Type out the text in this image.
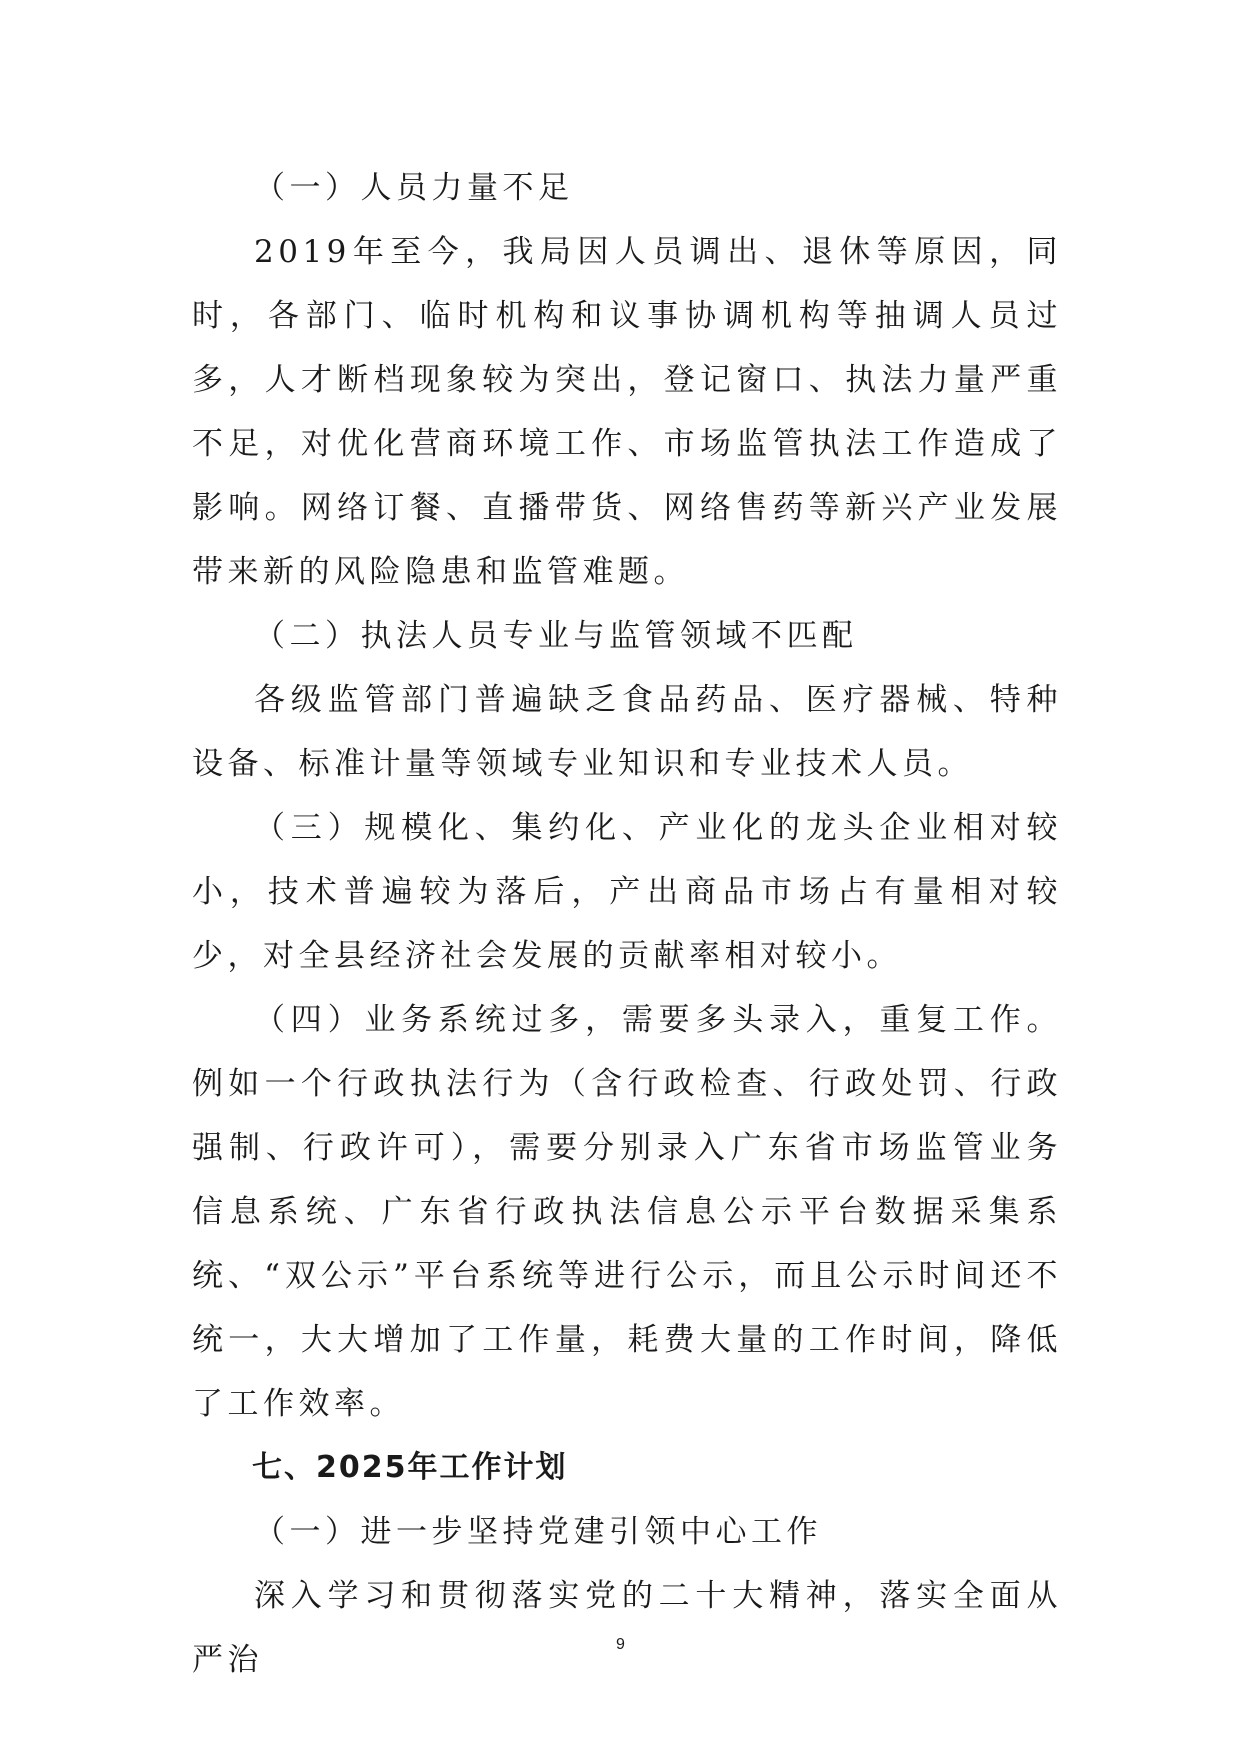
（一）人员力量不足

2019年至今，我局因人员调出、退休等原因，同时，各部门、临时机构和议事协调机构等抽调人员过多，人才断档现象较为突出，登记窗口、执法力量严重不足，对优化营商环境工作、市场监管执法工作造成了影响。网络订餐、直播带货、网络售药等新兴产业发展带来新的风险隐患和监管难题。

（二）执法人员专业与监管领域不匹配

各级监管部门普遍缺乏食品药品、医疗器械、特种设备、标准计量等领域专业知识和专业技术人员。

（三）规模化、集约化、产业化的龙头企业相对较小，技术普遍较为落后，产出商品市场占有量相对较少，对全县经济社会发展的贡献率相对较小。

（四）业务系统过多，需要多头录入，重复工作。例如一个行政执法行为（含行政检查、行政处罚、行政强制、行政许可），需要分别录入广东省市场监管业务信息系统、广东省行政执法信息公示平台数据采集系统、“双公示”平台系统等进行公示，而且公示时间还不统一，大大增加了工作量，耗费大量的工作时间，降低了工作效率。

七、2025年工作计划

（一）进一步坚持党建引领中心工作

深入学习和贯彻落实党的二十大精神，落实全面从严治	9
